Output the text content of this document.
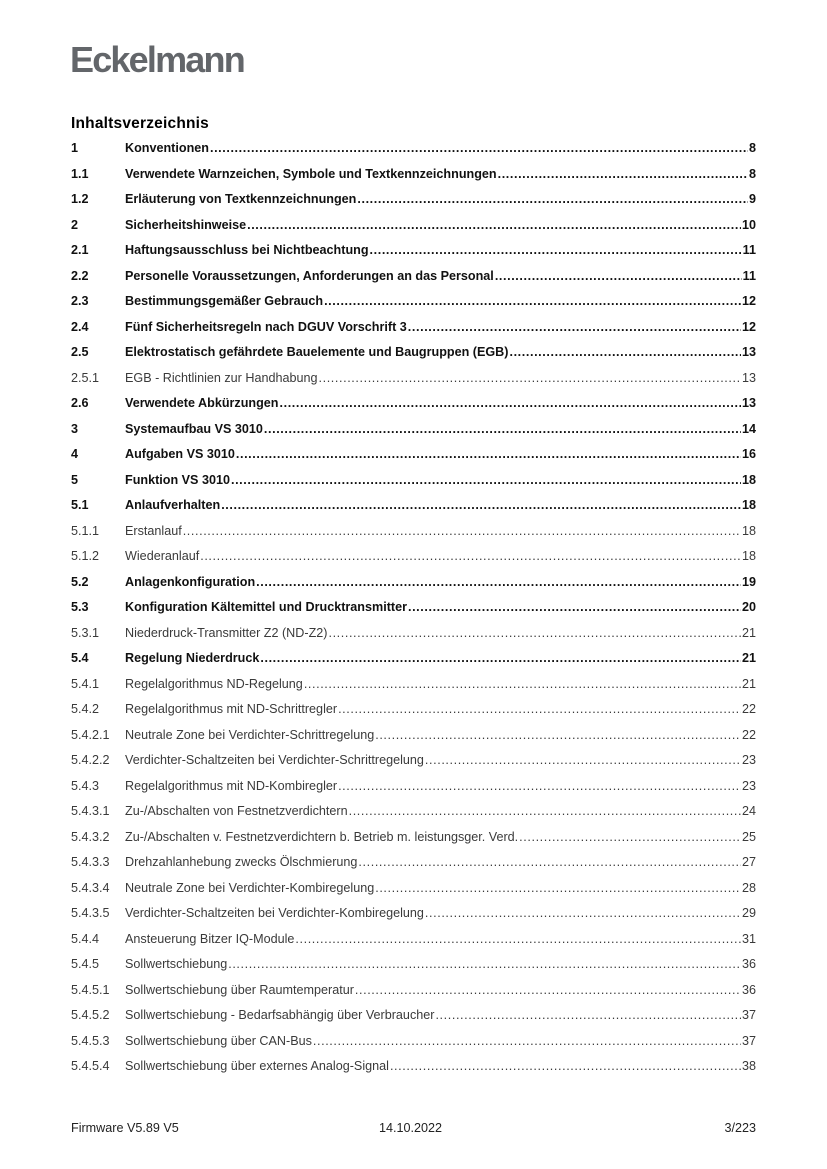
Eckelmann
Inhaltsverzeichnis
1	Konventionen .....	8
1.1	Verwendete Warnzeichen, Symbole und Textkennzeichnungen .....	8
1.2	Erläuterung von Textkennzeichnungen .....	9
2	Sicherheitshinweise .....	10
2.1	Haftungsausschluss bei Nichtbeachtung .....	11
2.2	Personelle Voraussetzungen, Anforderungen an das Personal .....	11
2.3	Bestimmungsgemäßer Gebrauch .....	12
2.4	Fünf Sicherheitsregeln nach DGUV Vorschrift 3 .....	12
2.5	Elektrostatisch gefährdete Bauelemente und Baugruppen (EGB) .....	13
2.5.1	EGB - Richtlinien zur Handhabung .....	13
2.6	Verwendete Abkürzungen .....	13
3	Systemaufbau VS 3010 .....	14
4	Aufgaben VS 3010 .....	16
5	Funktion VS 3010 .....	18
5.1	Anlaufverhalten .....	18
5.1.1	Erstanlauf .....	18
5.1.2	Wiederanlauf .....	18
5.2	Anlagenkonfiguration .....	19
5.3	Konfiguration Kältemittel und Drucktransmitter .....	20
5.3.1	Niederdruck-Transmitter Z2 (ND-Z2) .....	21
5.4	Regelung Niederdruck .....	21
5.4.1	Regelalgorithmus ND-Regelung .....	21
5.4.2	Regelalgorithmus mit ND-Schrittregler .....	22
5.4.2.1	Neutrale Zone bei Verdichter-Schrittregelung .....	22
5.4.2.2	Verdichter-Schaltzeiten bei Verdichter-Schrittregelung .....	23
5.4.3	Regelalgorithmus mit ND-Kombiregler .....	23
5.4.3.1	Zu-/Abschalten von Festnetzverdichtern .....	24
5.4.3.2	Zu-/Abschalten v. Festnetzverdichtern b. Betrieb m. leistungsger. Verd. .....	25
5.4.3.3	Drehzahlanhebung zwecks Ölschmierung .....	27
5.4.3.4	Neutrale Zone bei Verdichter-Kombiregelung .....	28
5.4.3.5	Verdichter-Schaltzeiten bei Verdichter-Kombiregelung .....	29
5.4.4	Ansteuerung Bitzer IQ-Module .....	31
5.4.5	Sollwertschiebung .....	36
5.4.5.1	Sollwertschiebung über Raumtemperatur .....	36
5.4.5.2	Sollwertschiebung - Bedarfsabhängig über Verbraucher .....	37
5.4.5.3	Sollwertschiebung über CAN-Bus .....	37
5.4.5.4	Sollwertschiebung über externes Analog-Signal .....	38
Firmware V5.89 V5	14.10.2022	3/223
